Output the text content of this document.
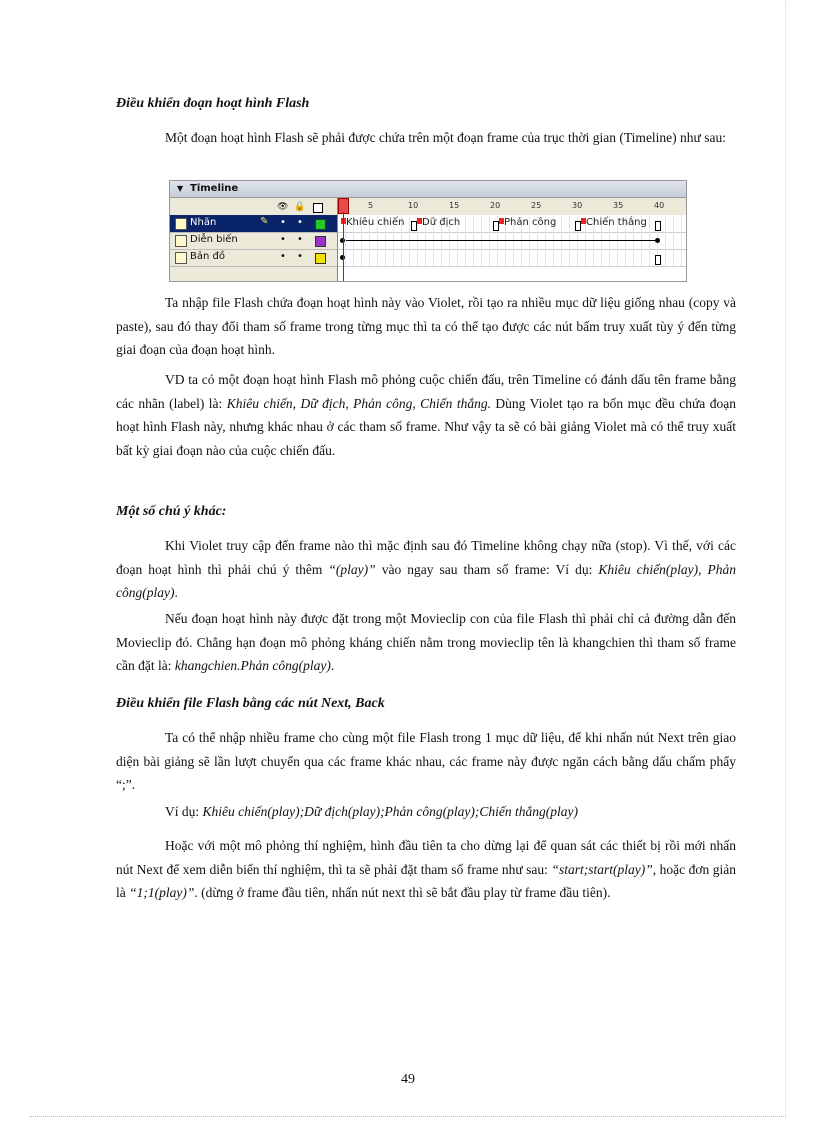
Điều khiển đoạn hoạt hình Flash
Một đoạn hoạt hình Flash sẽ phải được chứa trên một đoạn frame của trục thời gian (Timeline) như sau:
▼ Timeline
👁 🔒
Nhãn	✎ • •
Diễn biến	• •
Bản đồ	• •
5	10	15	20	25	30	35	40
Khiêu chiến Dữ địch	Phản công	Chiến thắng
Ta nhập file Flash chứa đoạn hoạt hình này vào Violet, rồi tạo ra nhiều mục dữ liệu giống nhau (copy và paste), sau đó thay đổi tham số frame trong từng mục thì ta có thể tạo được các nút bấm truy xuất tùy ý đến từng giai đoạn của đoạn hoạt hình.
VD ta có một đoạn hoạt hình Flash mô phỏng cuộc chiến đấu, trên Timeline có đánh dấu tên frame bằng các nhãn (label) là: Khiêu chiến, Dữ địch, Phản công, Chiến thắng. Dùng Violet tạo ra bốn mục đều chứa đoạn hoạt hình Flash này, nhưng khác nhau ở các tham số frame. Như vậy ta sẽ có bài giảng Violet mà có thể truy xuất bất kỳ giai đoạn nào của cuộc chiến đấu.
Một số chú ý khác:
Khi Violet truy cập đến frame nào thì mặc định sau đó Timeline không chạy nữa (stop). Vì thế, với các đoạn hoạt hình thì phải chú ý thêm “(play)” vào ngay sau tham số frame: Ví dụ: Khiêu chiến(play), Phản công(play).
Nếu đoạn hoạt hình này được đặt trong một Movieclip con của file Flash thì phải chỉ cả đường dẫn đến Movieclip đó. Chẳng hạn đoạn mô phỏng kháng chiến nằm trong movieclip tên là khangchien thì tham số frame cần đặt là: khangchien.Phản công(play).
Điều khiển file Flash bằng các nút Next, Back
Ta có thể nhập nhiều frame cho cùng một file Flash trong 1 mục dữ liệu, để khi nhấn nút Next trên giao diện bài giảng sẽ lần lượt chuyển qua các frame khác nhau, các frame này được ngăn cách bằng dấu chấm phẩy “;”.
Ví dụ: Khiêu chiến(play);Dữ địch(play);Phản công(play);Chiến thắng(play)
Hoặc với một mô phỏng thí nghiệm, hình đầu tiên ta cho dừng lại để quan sát các thiết bị rồi mới nhấn nút Next để xem diễn biến thí nghiệm, thì ta sẽ phải đặt tham số frame như sau: “start;start(play)”, hoặc đơn giản là “1;1(play)”. (dừng ở frame đầu tiên, nhấn nút next thì sẽ bắt đầu play từ frame đầu tiên).
49
